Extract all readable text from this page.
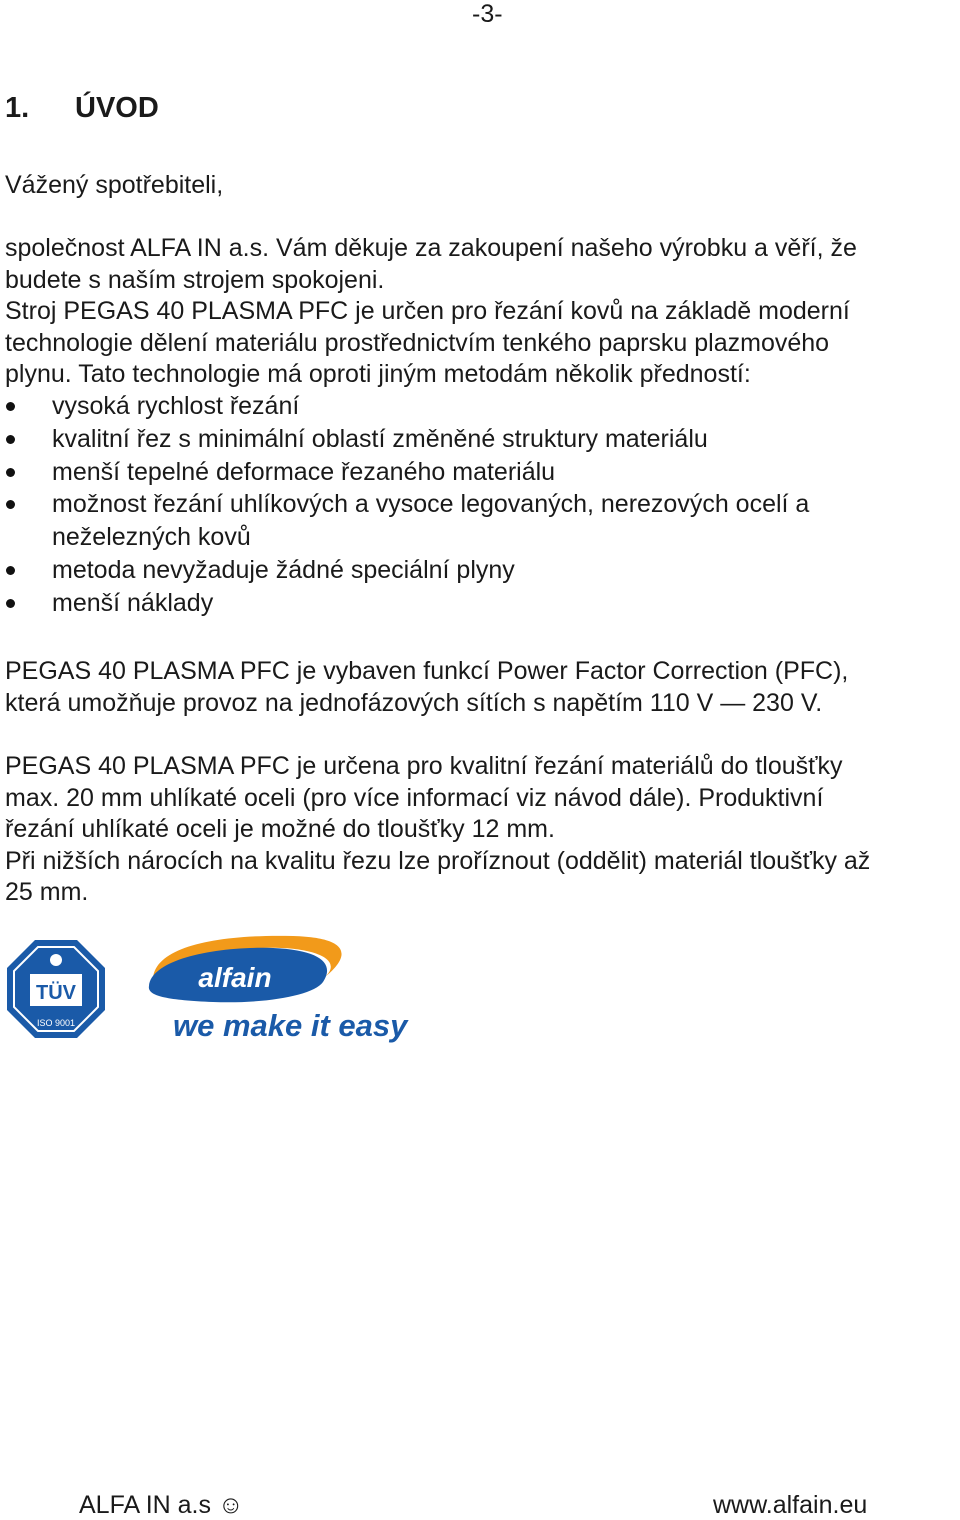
-3-
1. ÚVOD
Vážený spotřebiteli,
společnost ALFA IN a.s. Vám děkuje za zakoupení našeho výrobku a věří, že
budete s naším strojem spokojeni.
Stroj PEGAS 40 PLASMA PFC je určen pro řezání kovů na základě moderní
technologie dělení materiálu prostřednictvím tenkého paprsku plazmového
plynu. Tato technologie má oproti jiným metodám několik předností:
vysoká rychlost řezání
kvalitní řez s minimální oblastí změněné struktury materiálu
menší tepelné deformace řezaného materiálu
možnost řezání uhlíkových a vysoce legovaných, nerezových ocelí a
neželezných kovů
metoda nevyžaduje žádné speciální plyny
menší náklady
PEGAS 40 PLASMA PFC je vybaven funkcí Power Factor Correction (PFC),
která umožňuje provoz na jednofázových sítích s napětím 110 V — 230 V.
PEGAS 40 PLASMA PFC je určena pro kvalitní řezání materiálů do tloušťky
max. 20 mm uhlíkaté oceli (pro více informací viz návod dále). Produktivní
řezání uhlíkaté oceli je možné do tloušťky 12 mm.
Při nižších nárocích na kvalitu řezu lze proříznout (oddělit) materiál tloušťky až
25 mm.
TÜV
ISO 9001
alfain
we make it easy
ALFA IN a.s ☺	www.alfain.eu
